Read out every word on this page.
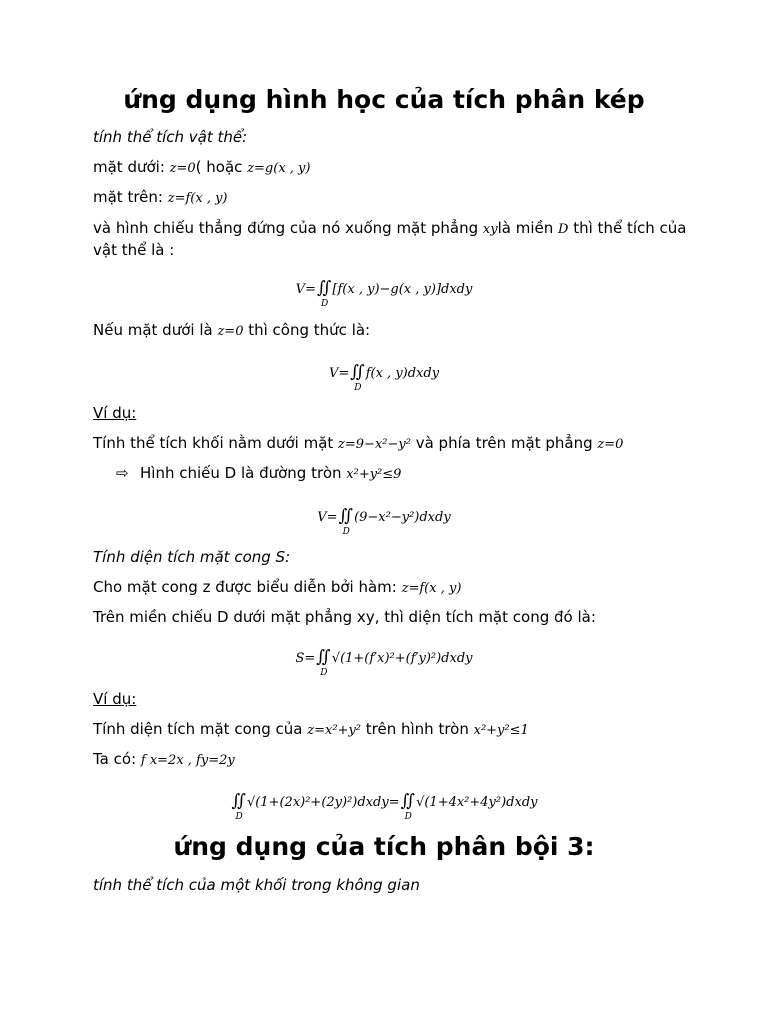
ứng dụng hình học của tích phân kép

tính thể tích vật thể:

mặt dưới: z=0( hoặc z=g(x , y)

mặt trên: z=f(x , y)

và hình chiếu thẳng đứng của nó xuống mặt phẳng xylà miền D thì thể tích của vật thể là :

V=∬
D
[f(x , y)−g(x , y)]dxdy

Nếu mặt dưới là z=0 thì công thức là:

V=∬
D
f(x , y)dxdy

Ví dụ:

Tính thể tích khối nằm dưới mặt z=9−x²−y² và phía trên mặt phẳng z=0

⇨ Hình chiếu D là đường tròn x²+y²≤9

V=∬
D
(9−x²−y²)dxdy

Tính diện tích mặt cong S:

Cho mặt cong z được biểu diễn bởi hàm: z=f(x , y)

Trên miền chiếu D dưới mặt phẳng xy, thì diện tích mặt cong đó là:

S=∬
D
√(1+(f′x)²+(f′y)²)dxdy

Ví dụ:

Tính diện tích mặt cong của z=x²+y² trên hình tròn x²+y²≤1

Ta có: f x=2x , fy=2y

∬
D
√(1+(2x)²+(2y)²)dxdy=∬
D
√(1+4x²+4y²)dxdy
ứng dụng của tích phân bội 3:

tính thể tích của một khối trong không gian
